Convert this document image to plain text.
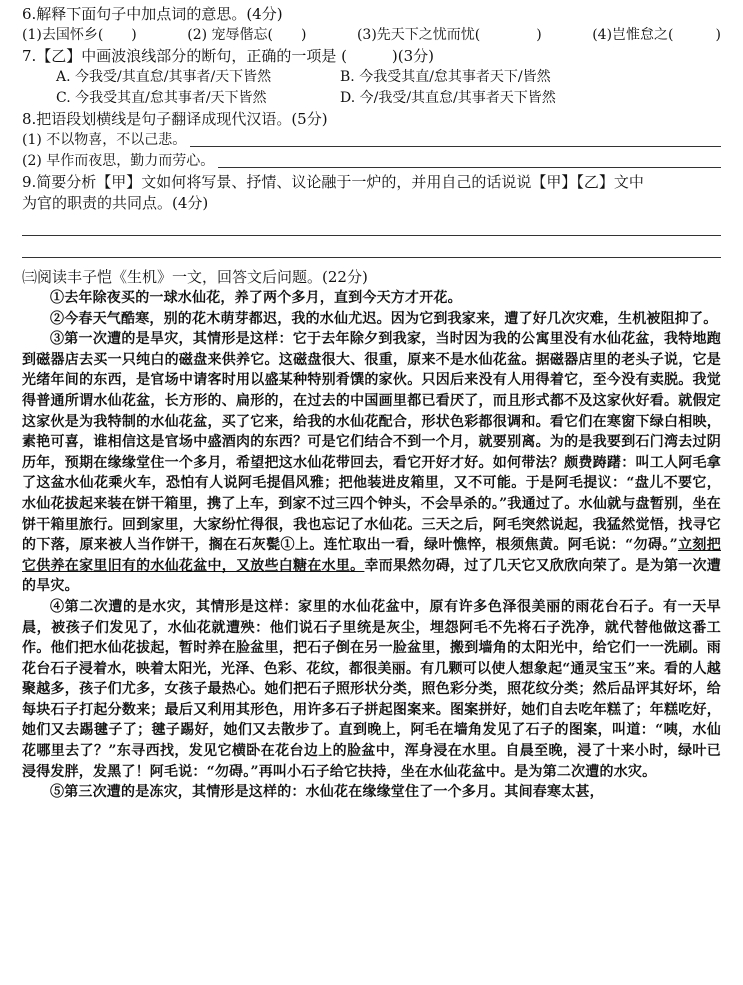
6.解释下面句子中加点词的意思。(4分)
(1)去国怀乡(　　)	(2) 宠辱偕忘(　　)	(3)先天下之忧而忧(　　　　)	(4)岂惟怠之(　　　)
7.【乙】中画波浪线部分的断句，正确的一项是 (　　　)(3分)
A. 今我受/其直怠/其事者/天下皆然	B. 今我受其直/怠其事者天下/皆然
C. 今我受其直/怠其事者/天下皆然	D. 今/我受/其直怠/其事者天下皆然
8.把语段划横线是句子翻译成现代汉语。(5分)
(1) 不以物喜，不以己悲。
(2) 早作而夜思，勤力而劳心。
9.简要分析【甲】文如何将写景、抒情、议论融于一炉的，并用自己的话说说【甲】【乙】文中
为官的职责的共同点。(4分)
㈢阅读丰子恺《生机》一文，回答文后问题。(22分)
①去年除夜买的一球水仙花，养了两个多月，直到今天方才开花。
②今春天气酷寒，别的花木萌芽都迟，我的水仙尤迟。因为它到我家来，遭了好几次灾难，生机被阻抑了。
③第一次遭的是旱灾，其情形是这样：它于去年除夕到我家，当时因为我的公寓里没有水仙花盆，我特地跑到磁器店去买一只纯白的磁盘来供养它。这磁盘很大、很重，原来不是水仙花盆。据磁器店里的老头子说，它是光绪年间的东西，是官场中请客时用以盛某种特别肴馔的家伙。只因后来没有人用得着它，至今没有卖脱。我觉得普通所谓水仙花盆，长方形的、扁形的，在过去的中国画里都已看厌了，而且形式都不及这家伙好看。就假定这家伙是为我特制的水仙花盆，买了它来，给我的水仙花配合，形状色彩都很调和。看它们在寒窗下绿白相映，素艳可喜，谁相信这是官场中盛酒肉的东西？可是它们结合不到一个月，就要别离。为的是我要到石门湾去过阴历年，预期在缘缘堂住一个多月，希望把这水仙花带回去，看它开好才好。如何带法？颇费踌躇：叫工人阿毛拿了这盆水仙花乘火车，恐怕有人说阿毛提倡风雅；把他装进皮箱里，又不可能。于是阿毛提议：“盘儿不要它，水仙花拔起来装在饼干箱里，携了上车，到家不过三四个钟头，不会旱杀的。”我通过了。水仙就与盘暂别，坐在饼干箱里旅行。回到家里，大家纷忙得很，我也忘记了水仙花。三天之后，阿毛突然说起，我猛然觉悟，找寻它的下落，原来被人当作饼干，搁在石灰甏①上。连忙取出一看，绿叶憔悴，根须焦黄。阿毛说：“勿碍。”立刻把它供养在家里旧有的水仙花盆中，又放些白糖在水里。幸而果然勿碍，过了几天它又欣欣向荣了。是为第一次遭的旱灾。
④第二次遭的是水灾，其情形是这样：家里的水仙花盆中，原有许多色泽很美丽的雨花台石子。有一天早晨，被孩子们发见了，水仙花就遭殃：他们说石子里统是灰尘，埋怨阿毛不先将石子洗净，就代替他做这番工作。他们把水仙花拔起，暂时养在脸盆里，把石子倒在另一脸盆里，搬到墙角的太阳光中，给它们一一洗刷。雨花台石子浸着水，映着太阳光，光泽、色彩、花纹，都很美丽。有几颗可以使人想象起“通灵宝玉”来。看的人越聚越多，孩子们尤多，女孩子最热心。她们把石子照形状分类，照色彩分类，照花纹分类；然后品评其好坏，给每块石子打起分数来；最后又利用其形色，用许多石子拼起图案来。图案拼好，她们自去吃年糕了；年糕吃好，她们又去踢毽子了；毽子踢好，她们又去散步了。直到晚上，阿毛在墙角发见了石子的图案，叫道：“咦，水仙花哪里去了？”东寻西找，发见它横卧在花台边上的脸盆中，浑身浸在水里。自晨至晚，浸了十来小时，绿叶已浸得发胖，发黑了！阿毛说：“勿碍。”再叫小石子给它扶持，坐在水仙花盆中。是为第二次遭的水灾。
⑤第三次遭的是冻灾，其情形是这样的：水仙花在缘缘堂住了一个多月。其间春寒太甚，
